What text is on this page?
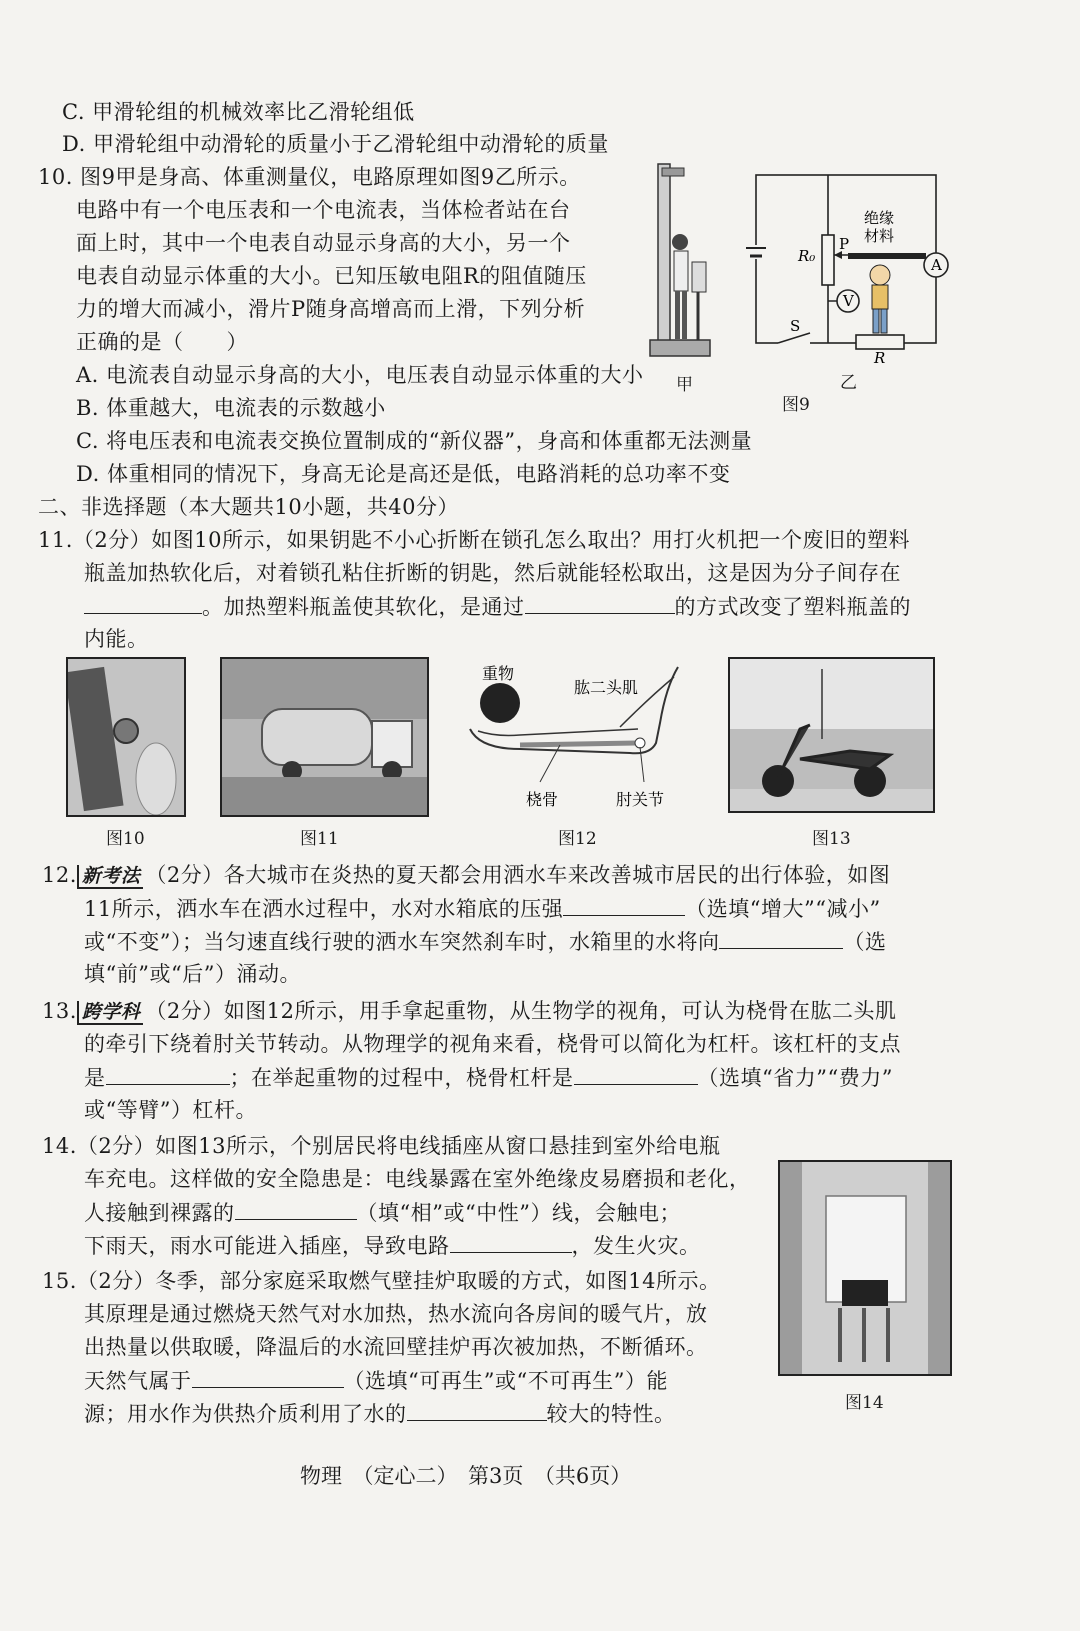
C. 甲滑轮组的机械效率比乙滑轮组低
D. 甲滑轮组中动滑轮的质量小于乙滑轮组中动滑轮的质量
10. 图9甲是身高、体重测量仪，电路原理如图9乙所示。
电路中有一个电压表和一个电流表，当体检者站在台
面上时，其中一个电表自动显示身高的大小，另一个
电表自动显示体重的大小。已知压敏电阻R的阻值随压
力的增大而减小，滑片P随身高增高而上滑，下列分析
正确的是（　　）
A. 电流表自动显示身高的大小，电压表自动显示体重的大小
B. 体重越大，电流表的示数越小
C. 将电压表和电流表交换位置制成的“新仪器”，身高和体重都无法测量
D. 体重相同的情况下，身高无论是高还是低，电路消耗的总功率不变
甲
绝缘
材料
P
R₀
R
S
A
V
乙
图9
二、非选择题（本大题共10小题，共40分）
11.（2分）如图10所示，如果钥匙不小心折断在锁孔怎么取出？用打火机把一个废旧的塑料
瓶盖加热软化后，对着锁孔粘住折断的钥匙，然后就能轻松取出，这是因为分子间存在
。加热塑料瓶盖使其软化，是通过	的方式改变了塑料瓶盖的
内能。
重物
肱二头肌
桡骨	肘关节
图10	图11	图12	图13
12. 新考法 （2分）各大城市在炎热的夏天都会用洒水车来改善城市居民的出行体验，如图
11所示，洒水车在洒水过程中，水对水箱底的压强	（选填“增大”“减小”
或“不变”）；当匀速直线行驶的洒水车突然刹车时，水箱里的水将向	（选
填“前”或“后”）涌动。
13. 跨学科 （2分）如图12所示，用手拿起重物，从生物学的视角，可认为桡骨在肱二头肌
的牵引下绕着肘关节转动。从物理学的视角来看，桡骨可以简化为杠杆。该杠杆的支点
是	；在举起重物的过程中，桡骨杠杆是	（选填“省力”“费力”
或“等臂”）杠杆。
14.（2分）如图13所示，个别居民将电线插座从窗口悬挂到室外给电瓶
车充电。这样做的安全隐患是：电线暴露在室外绝缘皮易磨损和老化，
人接触到裸露的	（填“相”或“中性”）线，会触电；
下雨天，雨水可能进入插座，导致电路	，发生火灾。
15.（2分）冬季，部分家庭采取燃气壁挂炉取暖的方式，如图14所示。
其原理是通过燃烧天然气对水加热，热水流向各房间的暖气片，放
出热量以供取暖，降温后的水流回壁挂炉再次被加热，不断循环。
天然气属于	（选填“可再生”或“不可再生”）能
源；用水作为供热介质利用了水的	较大的特性。	图14
物理　（定心二）　第3页　（共6页）
